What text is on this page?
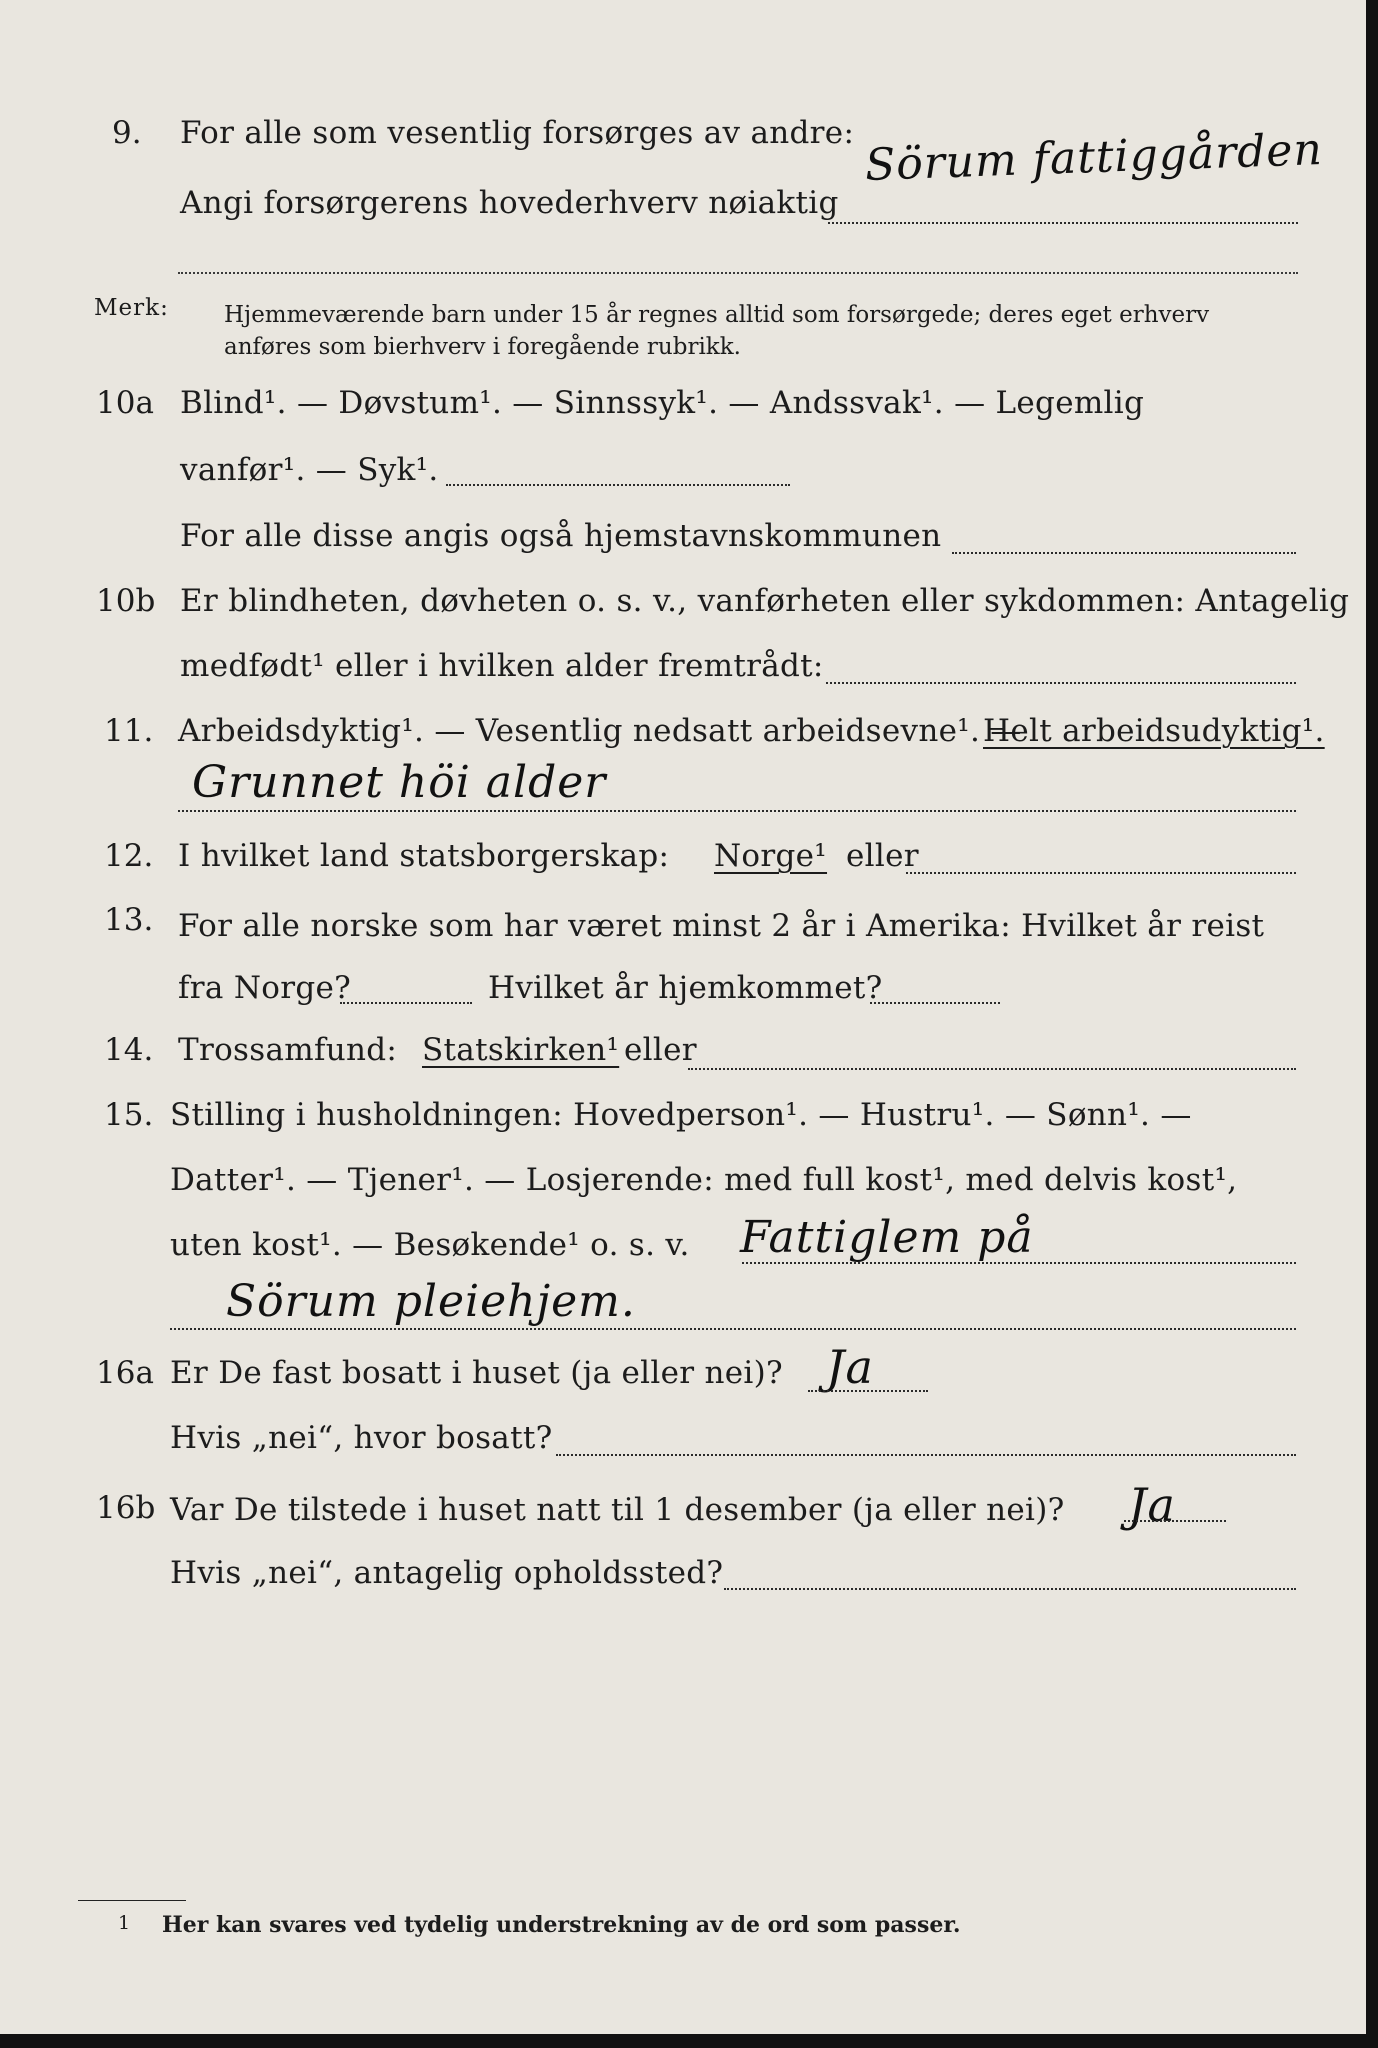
9. For alle som vesentlig forsørges av andre: Sörum fattiggården
Angi forsørgerens hovederhverv nøiaktig
Merk: Hjemmeværende barn under 15 år regnes alltid som forsørgede; deres eget erhverv
anføres som bierhverv i foregående rubrikk.
10a Blind¹. — Døvstum¹. — Sinnssyk¹. — Andssvak¹. — Legemlig
vanfør¹. — Syk¹.
For alle disse angis også hjemstavnskommunen
10b Er blindheten, døvheten o. s. v., vanførheten eller sykdommen: Antagelig
medfødt¹ eller i hvilken alder fremtrådt:
11. Arbeidsdyktig¹. — Vesentlig nedsatt arbeidsevne¹. —
Helt arbeidsudyktig¹.
Grunnet höi alder
12. I hvilket land statsborgerskap: Norge¹ eller
13. For alle norske som har været minst 2 år i Amerika: Hvilket år reist
fra Norge?	Hvilket år hjemkommet?
14. Trossamfund: Statskirken¹ eller
15. Stilling i husholdningen: Hovedperson¹. — Hustru¹. — Sønn¹. —
Datter¹. — Tjener¹. — Losjerende: med full kost¹, med delvis kost¹,
uten kost¹. — Besøkende¹ o. s. v. Fattiglem på
Sörum pleiehjem.
16a Er De fast bosatt i huset (ja eller nei)? Ja
Hvis „nei“, hvor bosatt?
16b Var De tilstede i huset natt til 1 desember (ja eller nei)? Ja
Hvis „nei“, antagelig opholdssted?
1 Her kan svares ved tydelig understrekning av de ord som passer.
